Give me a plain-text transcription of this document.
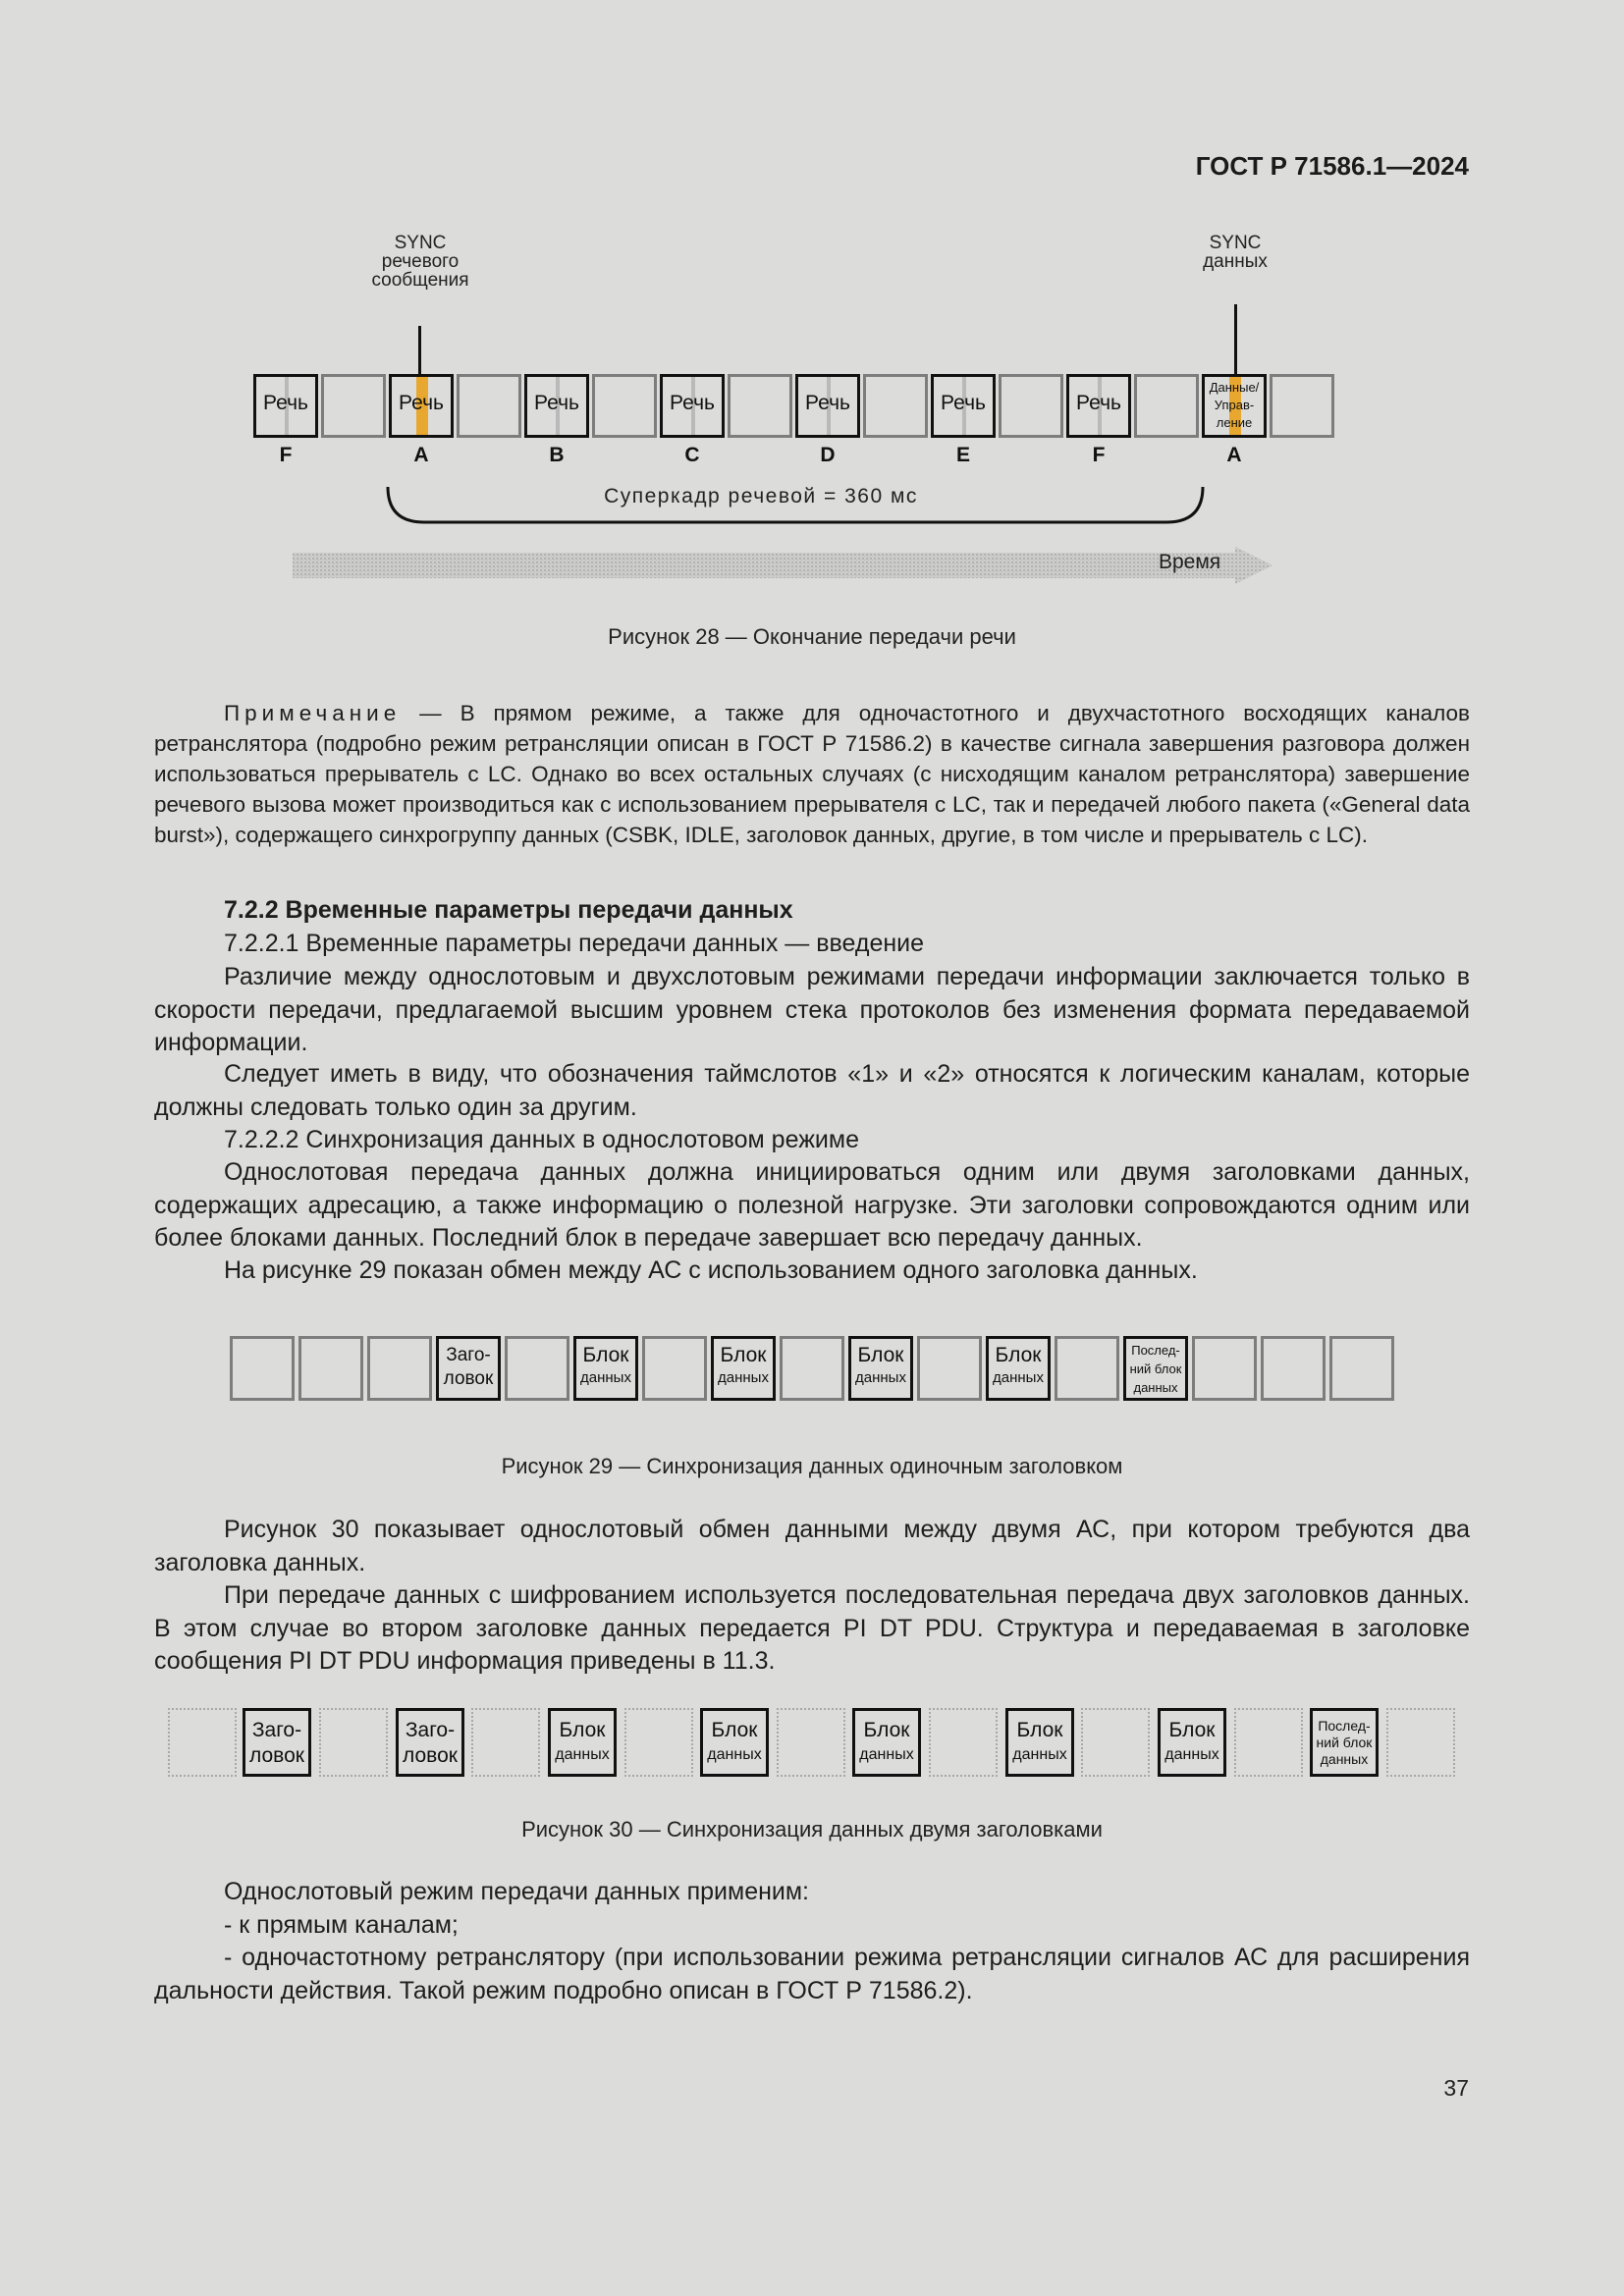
ГОСТ Р 71586.1—2024
SYNC
речевого
сообщения
SYNC
данных
Речь	Речь	Речь	Речь	Речь	Речь	Речь
Данные/
Управ-
ление
F	A	B	C	D	E	F	A
Суперкадр речевой = 360 мс
Время
Рисунок 28 — Окончание передачи речи
Примечание — В прямом режиме, а также для одночастотного и двухчастотного восходящих каналов ретранслятора (подробно режим ретрансляции описан в ГОСТ Р 71586.2) в качестве сигнала завершения разговора должен использоваться прерыватель с LC. Однако во всех остальных случаях (с нисходящим каналом ретранслятора) завершение речевого вызова может производиться как с использованием прерывателя с LC, так и передачей любого пакета («General data burst»), содержащего синхрогруппу данных (CSBK, IDLE, заголовок данных, другие, в том числе и прерыватель с LC).
7.2.2 Временные параметры передачи данных
7.2.2.1 Временные параметры передачи данных — введение
Различие между однослотовым и двухслотовым режимами передачи информации заключается только в скорости передачи, предлагаемой высшим уровнем стека протоколов без изменения формата передаваемой информации.
Следует иметь в виду, что обозначения таймслотов «1» и «2» относятся к логическим каналам, которые должны следовать только один за другим.
7.2.2.2 Синхронизация данных в однослотовом режиме
Однослотовая передача данных должна инициироваться одним или двумя заголовками данных, содержащих адресацию, а также информацию о полезной нагрузке. Эти заголовки сопровождаются одним или более блоками данных. Последний блок в передаче завершает всю передачу данных.
На рисунке 29 показан обмен между АС с использованием одного заголовка данных.
Заго-
ловок
Блок
данных
Блок
данных
Блок
данных
Блок
данных
Послед-
ний блок
данных
Рисунок 29 — Синхронизация данных одиночным заголовком
Рисунок 30 показывает однослотовый обмен данными между двумя АС, при котором требуются два заголовка данных.
При передаче данных с шифрованием используется последовательная передача двух заголовков данных. В этом случае во втором заголовке данных передается PI DT PDU. Структура и передаваемая в заголовке сообщения PI DT PDU информация приведены в 11.3.
Заго-
ловок
Заго-
ловок
Блок
данных
Блок
данных
Блок
данных
Блок
данных
Блок
данных
Послед-
ний блок
данных
Рисунок 30 — Синхронизация данных двумя заголовками
Однослотовый режим передачи данных применим:
- к прямым каналам;
- одночастотному ретранслятору (при использовании режима ретрансляции сигналов АС для расширения дальности действия. Такой режим подробно описан в ГОСТ Р 71586.2).
37
